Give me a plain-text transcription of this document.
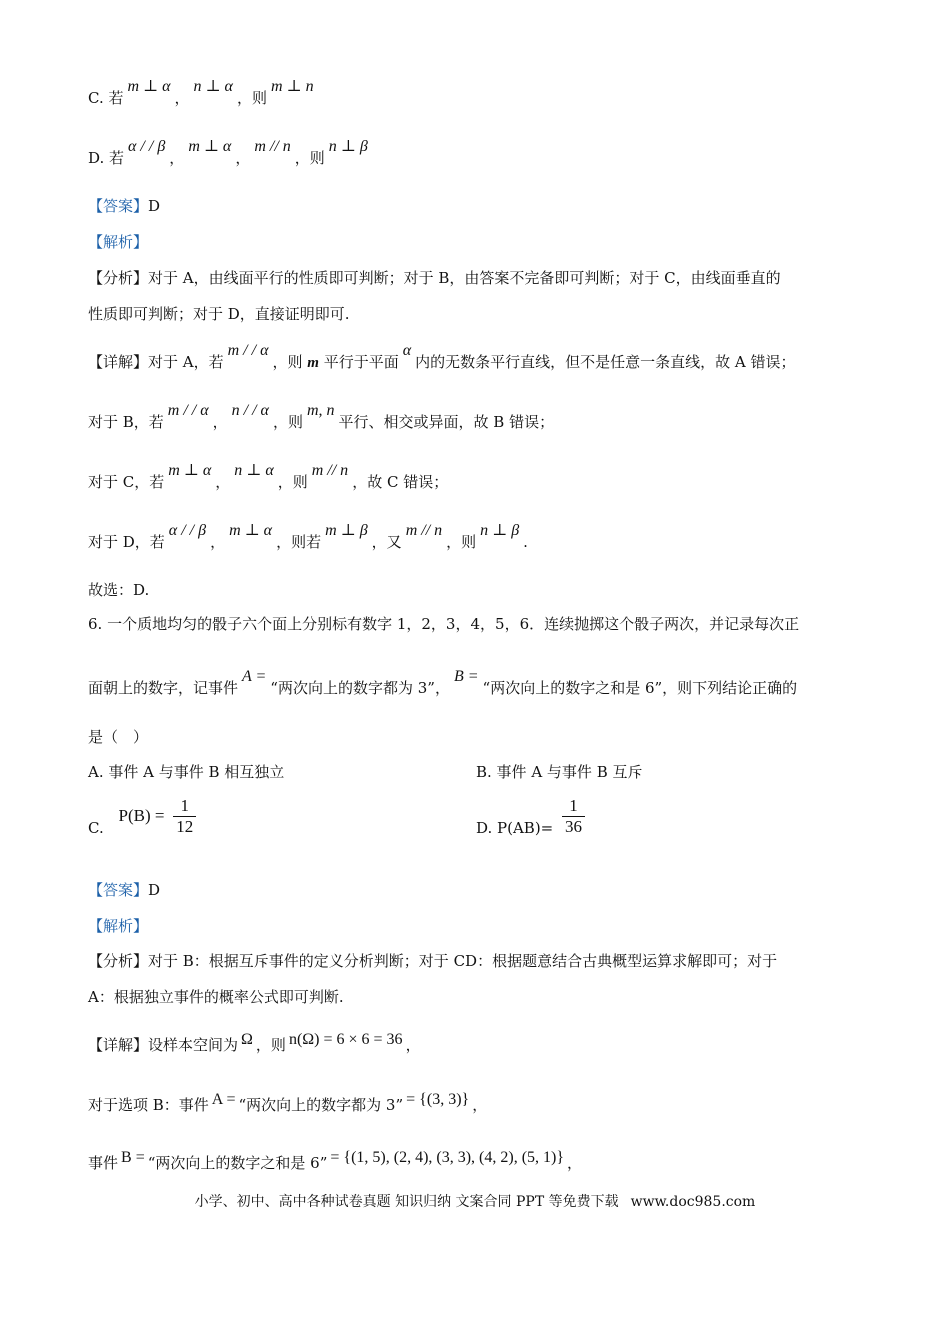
C. 若m ⊥ α，n ⊥ α，则m ⊥ n
D. 若α / / β，m ⊥ α，m // n，则n ⊥ β
【答案】D
【解析】
【分析】对于 A，由线面平行的性质即可判断；对于 B，由答案不完备即可判断；对于 C，由线面垂直的
性质即可判断；对于 D，直接证明即可.
【详解】对于 A，若m / / α，则 m 平行于平面α内的无数条平行直线，但不是任意一条直线，故 A 错误；
对于 B，若m / / α，n / / α，则m, n平行、相交或异面，故 B 错误；
对于 C，若m ⊥ α，n ⊥ α，则m // n，故 C 错误；
对于 D，若α / / β，m ⊥ α，则若m ⊥ β，又m // n，则n ⊥ β.
故选：D.
6. 一个质地均匀的骰子六个面上分别标有数字 1，2，3，4，5，6．连续抛掷这个骰子两次，并记录每次正
面朝上的数字，记事件A =“两次向上的数字都为 3”，B =“两次向上的数字之和是 6”，则下列结论正确的
是（　）
A. 事件 A 与事件 B 相互独立	B. 事件 A 与事件 B 互斥
C. $P(B) = \frac{1}{12}$	D. $P(AB)= \frac{1}{36}$
【答案】D
【解析】
【分析】对于 B：根据互斥事件的定义分析判断；对于 CD：根据题意结合古典概型运算求解即可；对于
A：根据独立事件的概率公式即可判断.
【详解】设样本空间为 Ω ，则 n(Ω) = 6 × 6 = 36 ，
对于选项 B：事件 A = “两次向上的数字都为 3” = {(3, 3)} ，
事件 B = “两次向上的数字之和是 6” = {(1, 5), (2, 4), (3, 3), (4, 2), (5, 1)} ，
小学、初中、高中各种试卷真题 知识归纳 文案合同 PPT 等免费下载 www.doc985.com
